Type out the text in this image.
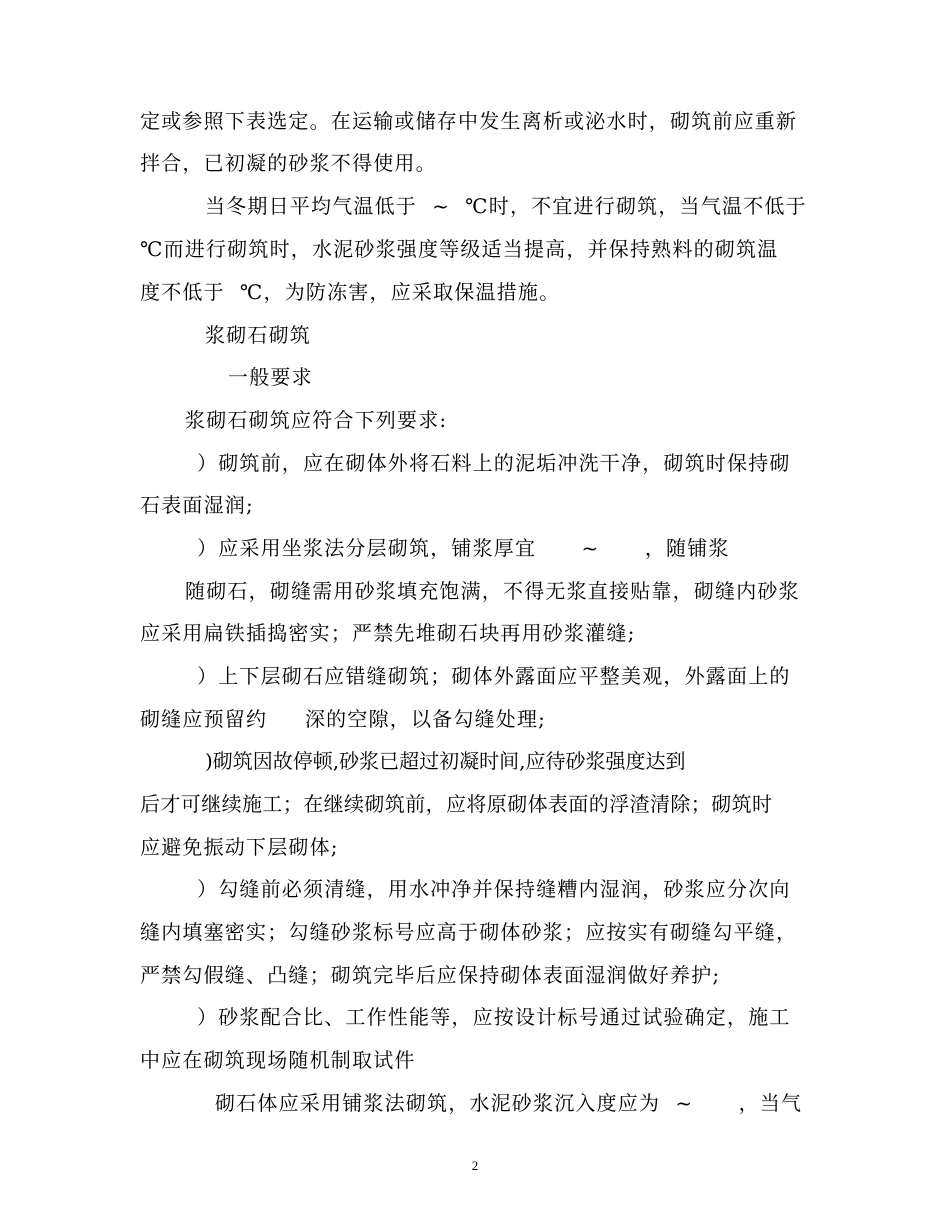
定或参照下表选定。在运输或储存中发生离析或泌水时，砌筑前应重新
拌合，已初凝的砂浆不得使用。
当冬期日平均气温低于  ~  ℃时，不宜进行砌筑，当气温不低于
℃而进行砌筑时，水泥砂浆强度等级适当提高，并保持熟料的砌筑温
度不低于  ℃，为防冻害，应采取保温措施。
浆砌石砌筑
一般要求
浆砌石砌筑应符合下列要求:
）砌筑前，应在砌体外将石料上的泥垢冲洗干净，砌筑时保持砌
石表面湿润;
）应采用坐浆法分层砌筑，铺浆厚宜      ~      ，随铺浆
随砌石，砌缝需用砂浆填充饱满，不得无浆直接贴靠，砌缝内砂浆
应采用扁铁插捣密实；严禁先堆砌石块再用砂浆灌缝;
）上下层砌石应错缝砌筑；砌体外露面应平整美观，外露面上的
砌缝应预留约     深的空隙，以备勾缝处理;
)砌筑因故停顿,砂浆已超过初凝时间,应待砂浆强度达到
后才可继续施工；在继续砌筑前，应将原砌体表面的浮渣清除；砌筑时
应避免振动下层砌体;
）勾缝前必须清缝，用水冲净并保持缝糟内湿润，砂浆应分次向
缝内填塞密实；勾缝砂浆标号应高于砌体砂浆；应按实有砌缝勾平缝，
严禁勾假缝、凸缝；砌筑完毕后应保持砌体表面湿润做好养护;
）砂浆配合比、工作性能等，应按设计标号通过试验确定，施工
中应在砌筑现场随机制取试件
砌石体应采用铺浆法砌筑，水泥砂浆沉入度应为  ~      ，当气
2
